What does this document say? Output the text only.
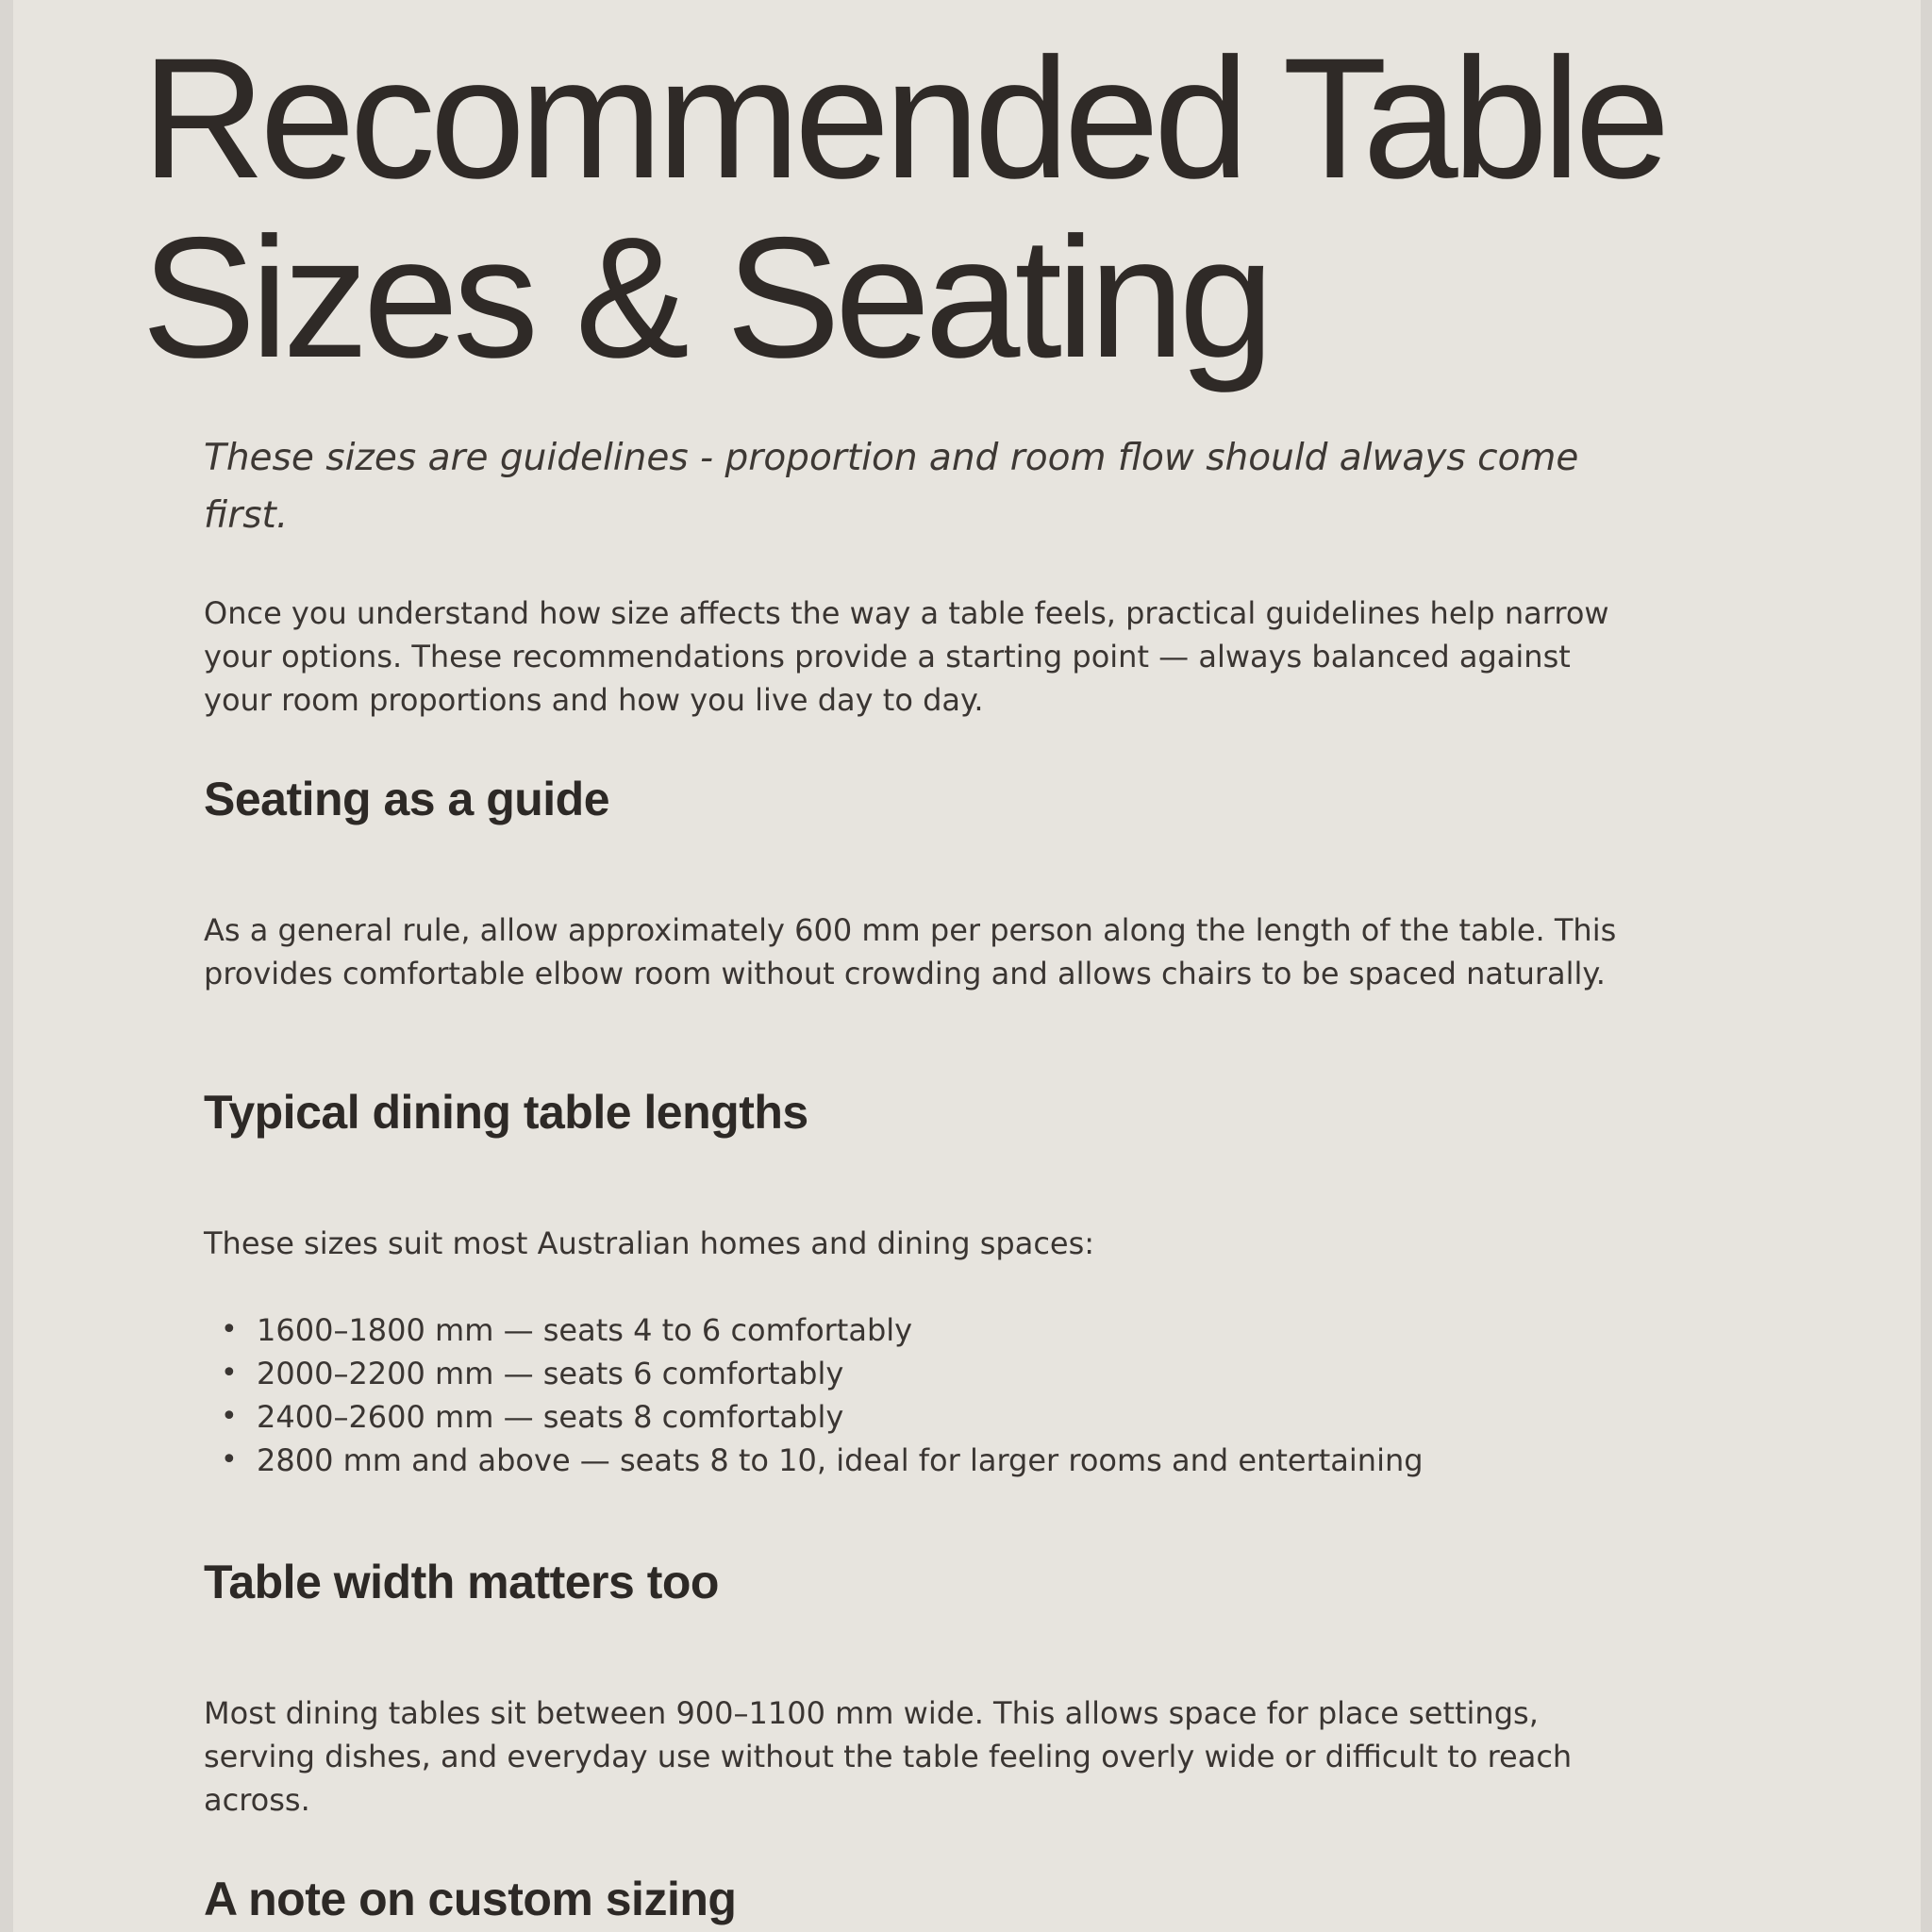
Recommended Table
Sizes & Seating

These sizes are guidelines - proportion and room flow should always come first.

Once you understand how size affects the way a table feels, practical guidelines help narrow your options. These recommendations provide a starting point — always balanced against your room proportions and how you live day to day.

Seating as a guide

As a general rule, allow approximately 600 mm per person along the length of the table. This provides comfortable elbow room without crowding and allows chairs to be spaced naturally.

Typical dining table lengths

These sizes suit most Australian homes and dining spaces:

• 1600–1800 mm — seats 4 to 6 comfortably
• 2000–2200 mm — seats 6 comfortably
• 2400–2600 mm — seats 8 comfortably
• 2800 mm and above — seats 8 to 10, ideal for larger rooms and entertaining
Table width matters too

Most dining tables sit between 900–1100 mm wide. This allows space for place settings, serving dishes, and everyday use without the table feeling overly wide or difficult to reach across.

A note on custom sizing
